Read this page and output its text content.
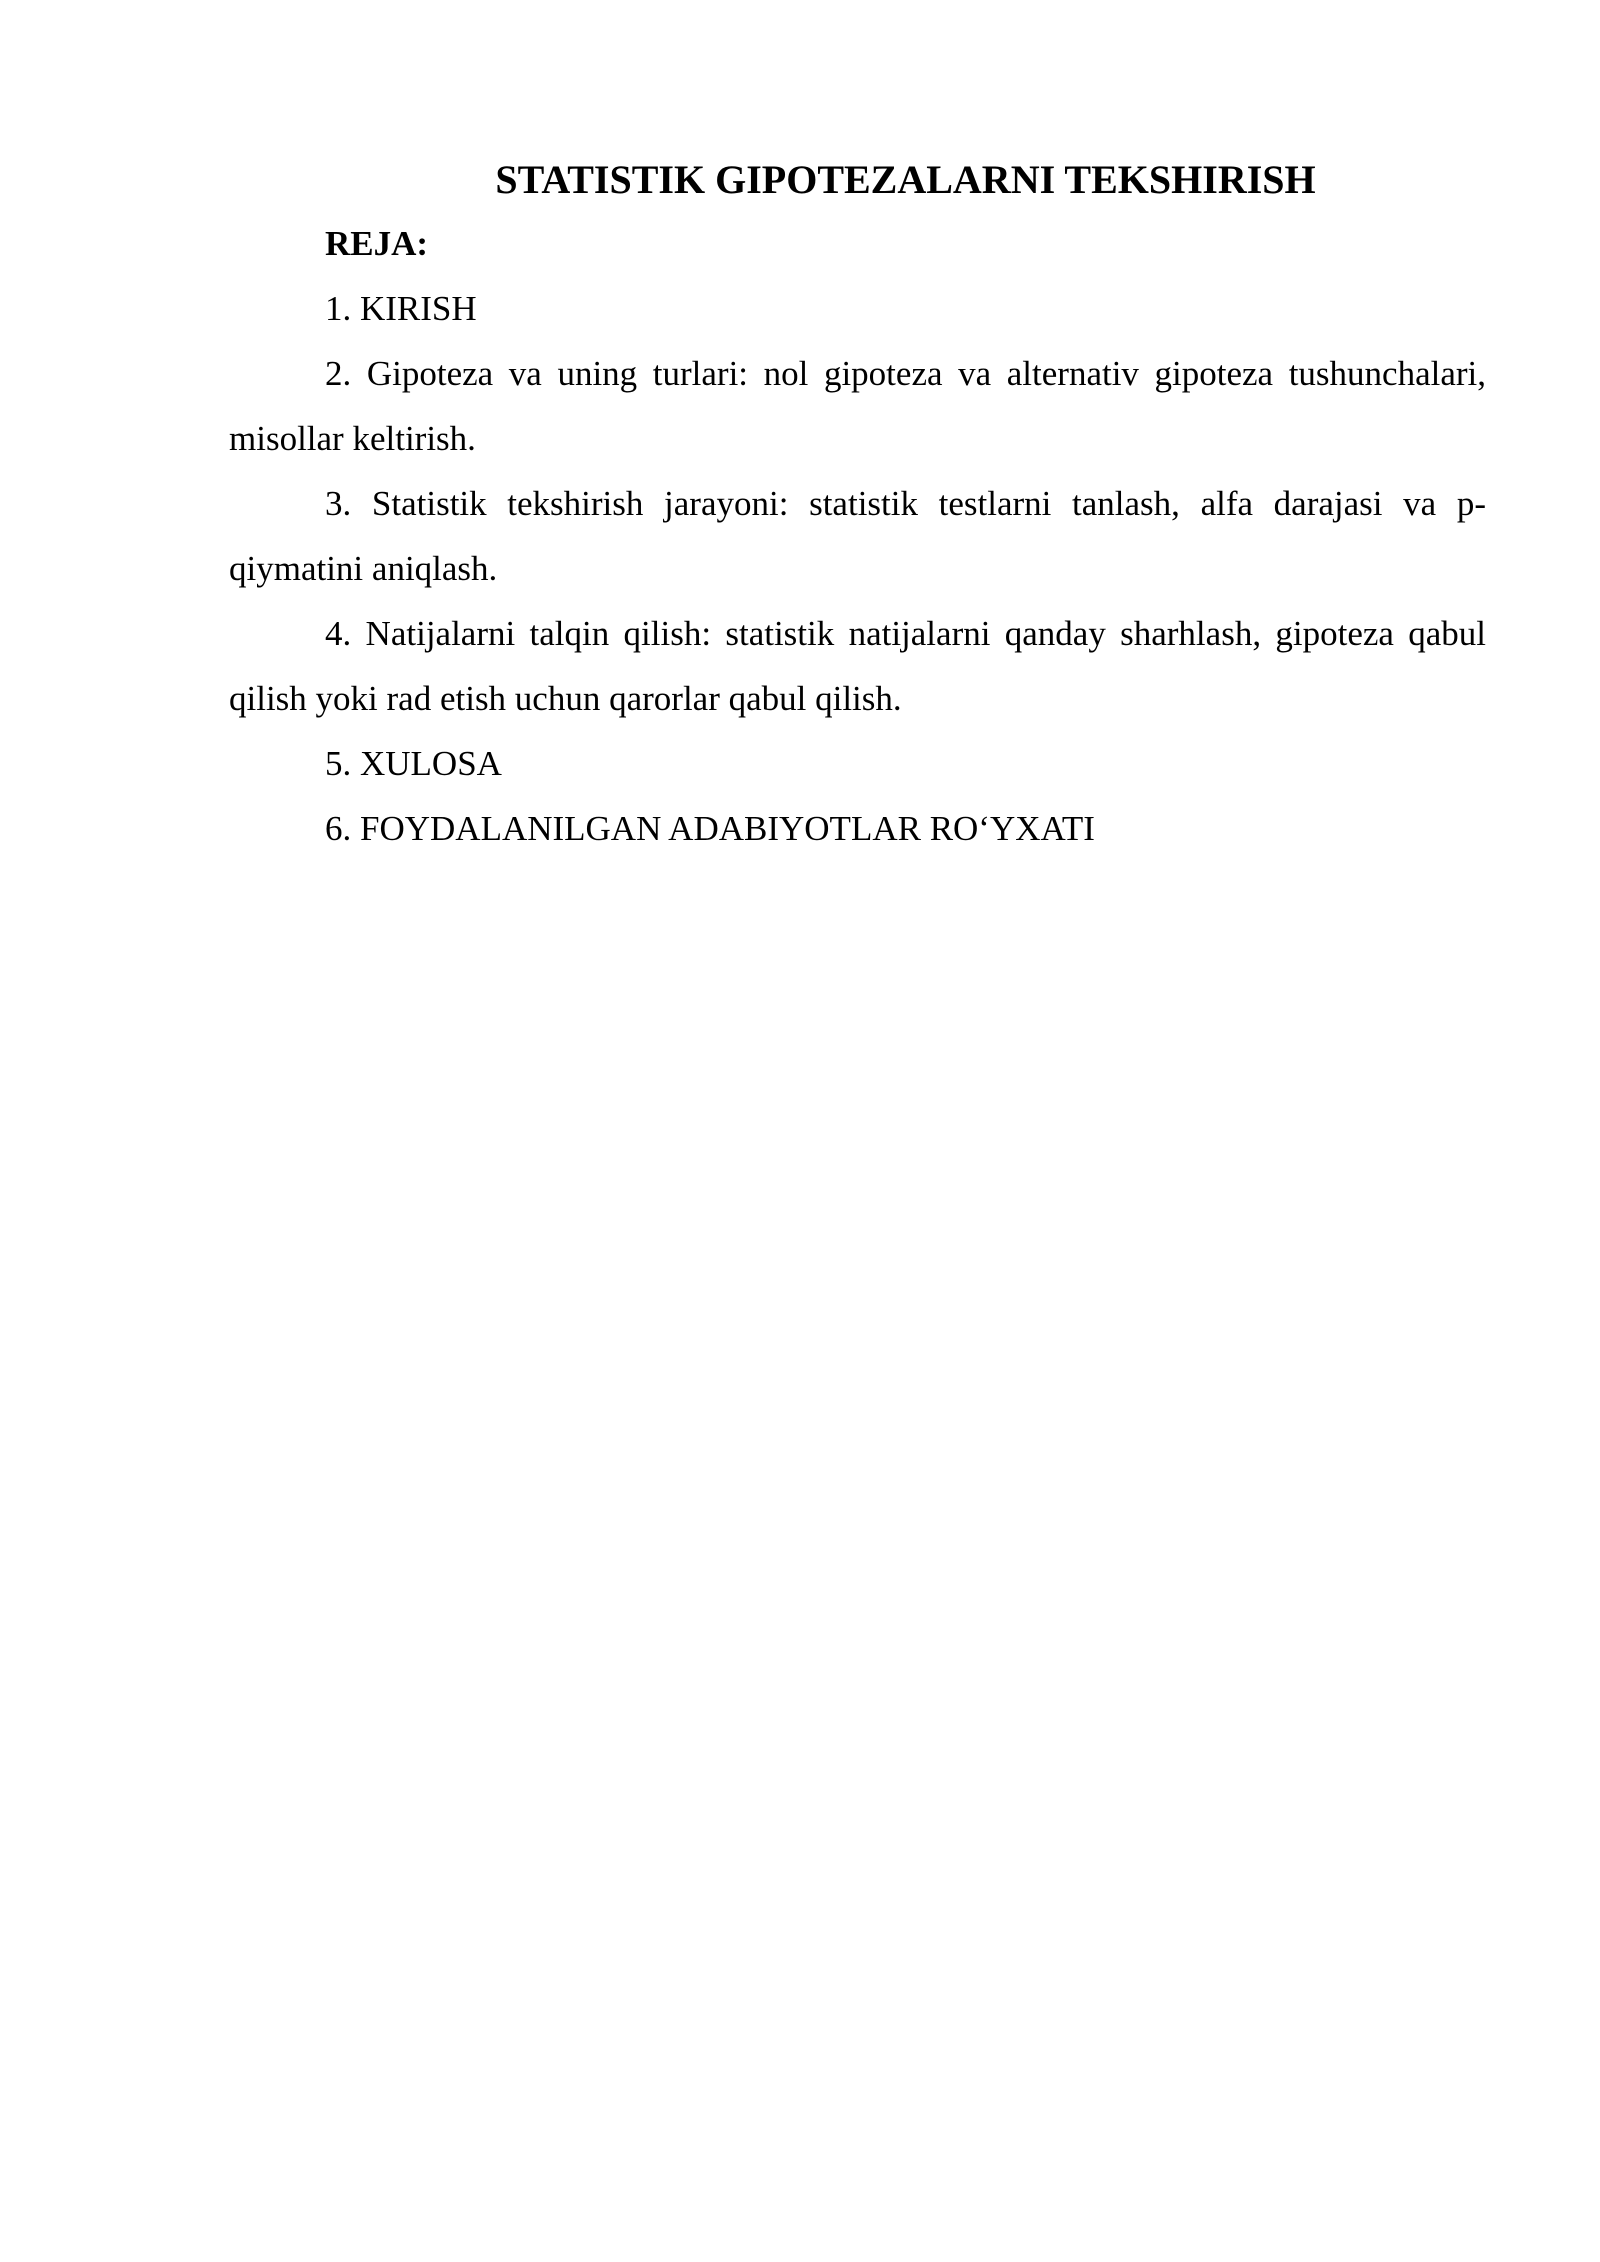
STATISTIK GIPOTEZALARNI TEKSHIRISH

REJA:

1. KIRISH

2. Gipoteza va uning turlari: nol gipoteza va alternativ gipoteza tushunchalari, misollar keltirish.

3. Statistik tekshirish jarayoni: statistik testlarni tanlash, alfa darajasi va p-qiymatini aniqlash.

4. Natijalarni talqin qilish: statistik natijalarni qanday sharhlash, gipoteza qabul qilish yoki rad etish uchun qarorlar qabul qilish.

5. XULOSA

6. FOYDALANILGAN ADABIYOTLAR RO‘YXATI
